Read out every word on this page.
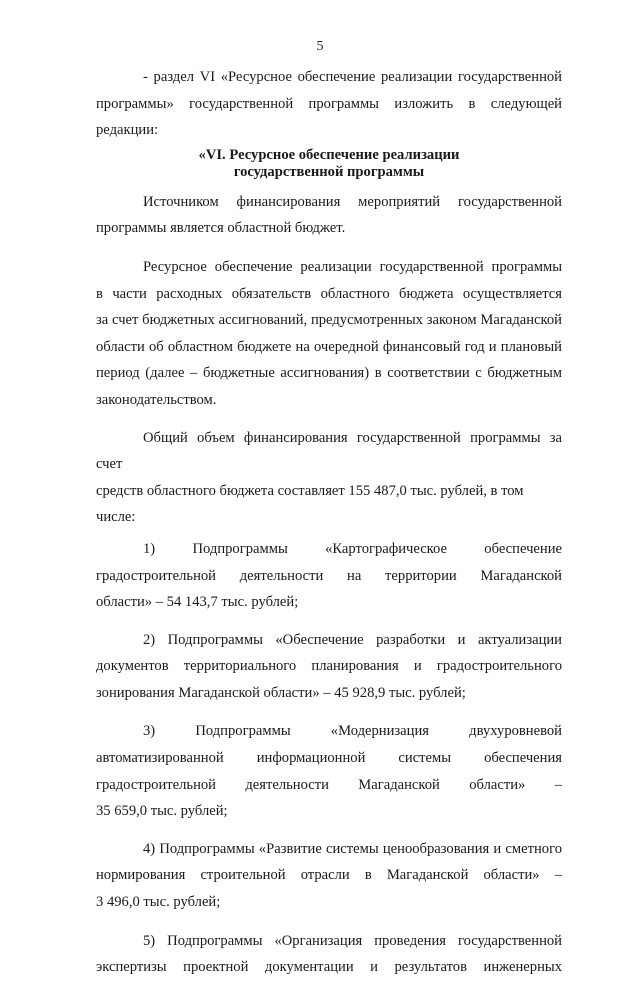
5

- раздел VI «Ресурсное обеспечение реализации государственной

программы» государственной программы изложить в следующей

редакции:

«VI. Ресурсное обеспечение реализации

государственной программы

Источником финансирования мероприятий государственной

программы является областной бюджет.

Ресурсное обеспечение реализации государственной программы

в части расходных обязательств областного бюджета осуществляется

за счет бюджетных ассигнований, предусмотренных законом Магаданской

области об областном бюджете на очередной финансовый год и плановый

период (далее – бюджетные ассигнования) в соответствии с бюджетным

законодательством.

Общий объем финансирования государственной программы за счет

средств областного бюджета составляет 155 487,0 тыс. рублей, в том числе:

1) Подпрограммы «Картографическое обеспечение

градостроительной деятельности на территории Магаданской

области» – 54 143,7 тыс. рублей;

2) Подпрограммы «Обеспечение разработки и актуализации

документов территориального планирования и градостроительного

зонирования Магаданской области» – 45 928,9 тыс. рублей;

3) Подпрограммы «Модернизация двухуровневой

автоматизированной информационной системы обеспечения

градостроительной деятельности Магаданской области» –

35 659,0 тыс. рублей;

4) Подпрограммы «Развитие системы ценообразования и сметного

нормирования строительной отрасли в Магаданской области» –

3 496,0 тыс. рублей;

5) Подпрограммы «Организация проведения государственной

экспертизы проектной документации и результатов инженерных
